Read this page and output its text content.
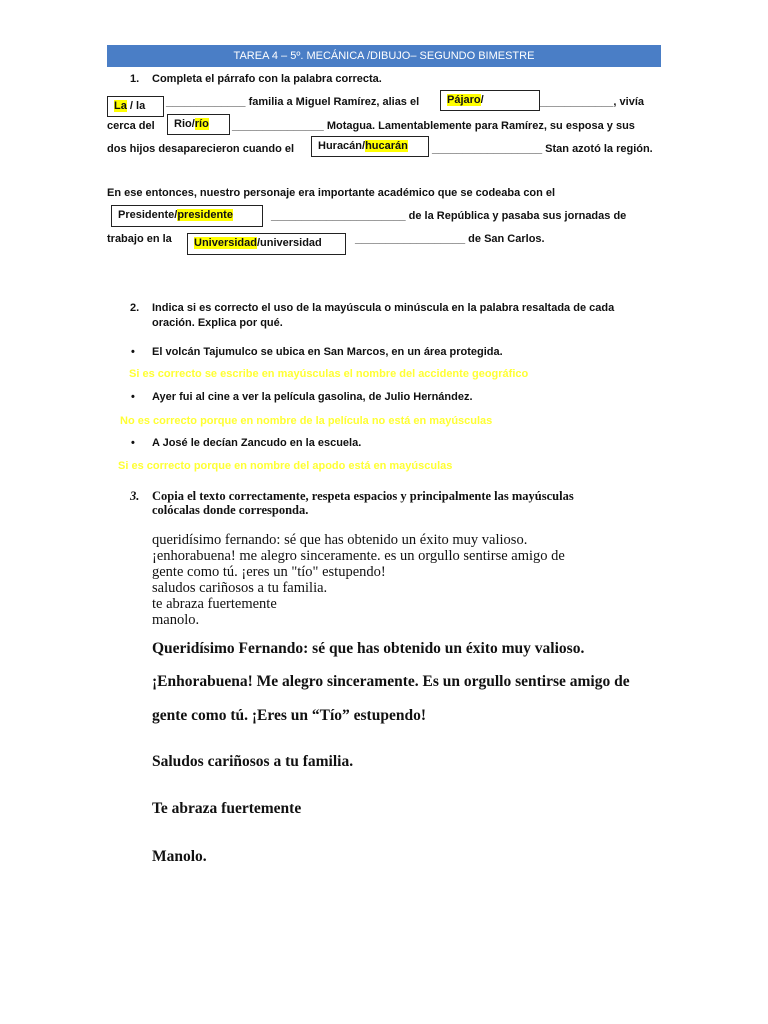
TAREA 4 – 5º. MECÁNICA /DIBUJO– SEGUNDO BIMESTRE
1. Completa el párrafo con la palabra correcta.
La / la	_____________ familia a Miguel Ramírez, alias el	Pájaro/	____________, vivía
cerca del	Rio/río	_______________ Motagua. Lamentablemente para Ramírez, su esposa y sus
dos hijos desaparecieron cuando el	Huracán/hucarán	__________________ Stan azotó la región.
En ese entonces, nuestro personaje era importante académico que se codeaba con el
Presidente/presidente	______________________ de la República y pasaba sus jornadas de
trabajo en la	Universidad/universidad	__________________ de San Carlos.
2. Indica si es correcto el uso de la mayúscula o minúscula en la palabra resaltada de cada
oración. Explica por qué.
• El volcán Tajumulco se ubica en San Marcos, en un área protegida.
Si es correcto se escribe en mayúsculas el nombre del accidente geográfico
• Ayer fui al cine a ver la película gasolina, de Julio Hernández.
No es correcto porque en nombre de la película no está en mayúsculas
• A José le decían Zancudo en la escuela.
Si es correcto porque en nombre del apodo está en mayúsculas
3. Copia el texto correctamente, respeta espacios y principalmente las mayúsculas
colócalas donde corresponda.
queridísimo fernando: sé que has obtenido un éxito muy valioso.
¡enhorabuena! me alegro sinceramente. es un orgullo sentirse amigo de
gente como tú. ¡eres un "tío" estupendo!
saludos cariñosos a tu familia.
te abraza fuertemente
manolo.
Queridísimo Fernando: sé que has obtenido un éxito muy valioso.
¡Enhorabuena! Me alegro sinceramente. Es un orgullo sentirse amigo de
gente como tú. ¡Eres un “Tío” estupendo!
Saludos cariñosos a tu familia.
Te abraza fuertemente
Manolo.
